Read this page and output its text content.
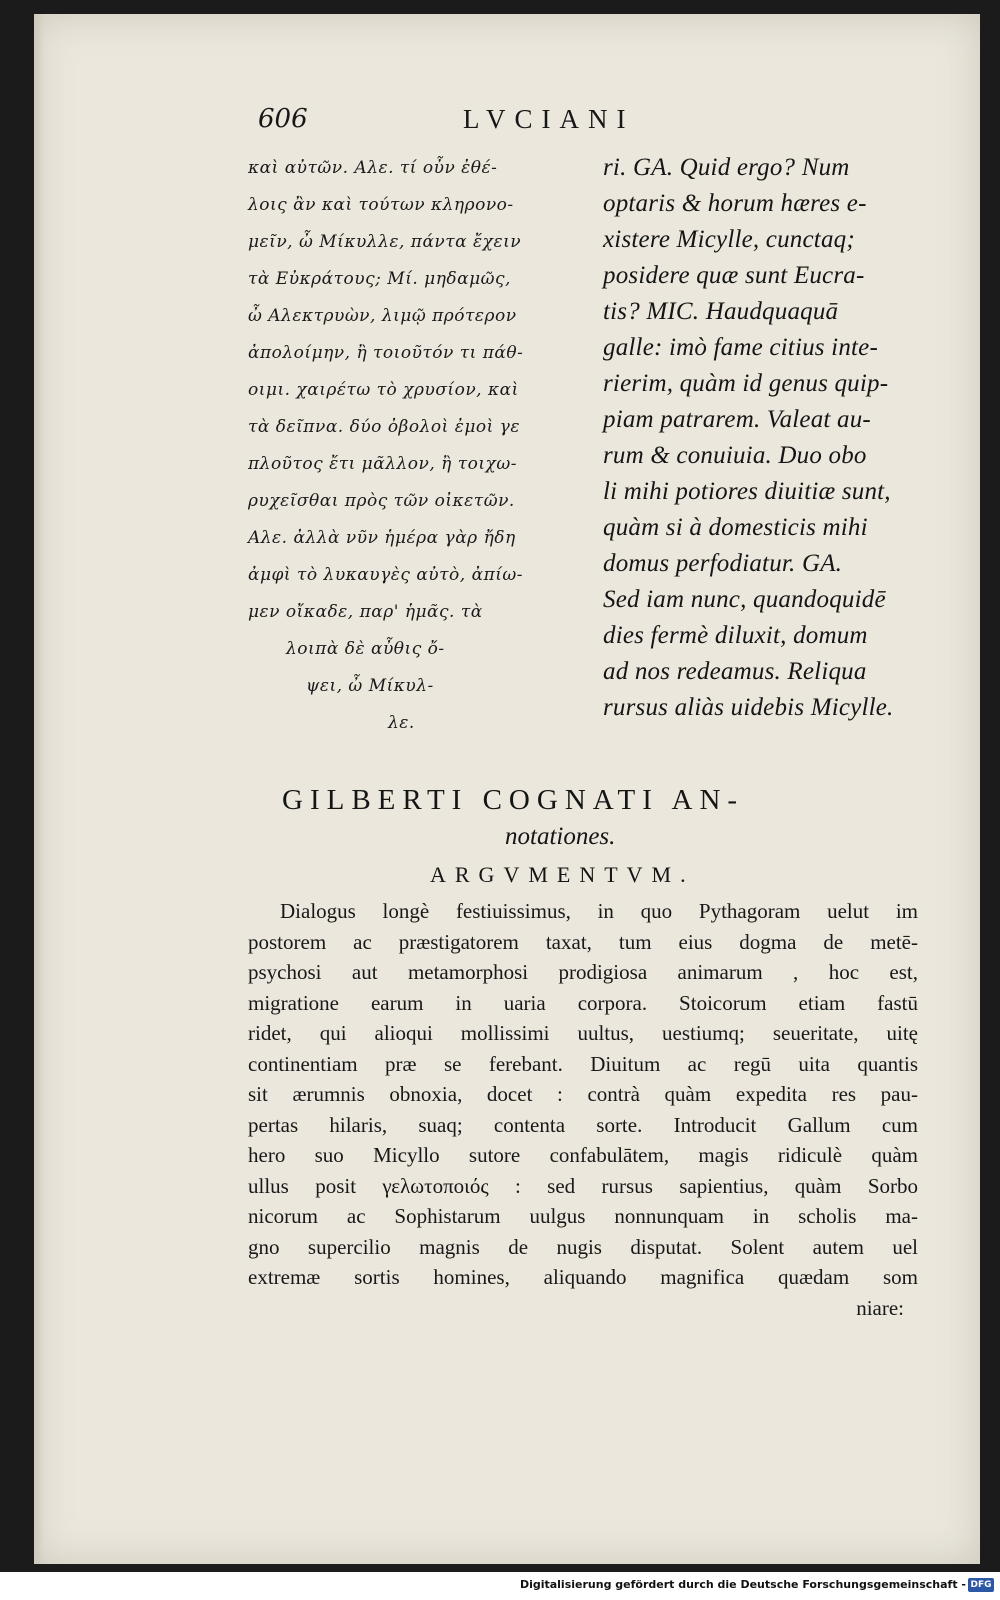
606	LVCIANI
καὶ αὐτῶν. Αλε. τί οὖν ἐθέ-
λοις ἂν καὶ τούτων κληρονο-
μεῖν, ὦ Μίκυλλε, πάντα ἔχειν
τὰ Εὐκράτους; Μί. μηδαμῶς,
ὦ Αλεκτρυὼν, λιμῷ πρότερον
ἀπολοίμην, ἢ τοιοῦτόν τι πάθ-
οιμι. χαιρέτω τὸ χρυσίον, καὶ
τὰ δεῖπνα. δύο ὀβολοὶ ἐμοὶ γε
πλοῦτος ἔτι μᾶλλον, ἢ τοιχω-
ρυχεῖσθαι πρὸς τῶν οἰκετῶν.
Αλε. ἀλλὰ νῦν ἡμέρα γὰρ ἤδη
ἀμφὶ τὸ λυκαυγὲς αὐτὸ, ἀπίω-
μεν οἴκαδε, παρ' ἡμᾶς. τὰ
λοιπὰ δὲ αὖθις ὄ-
ψει, ὦ Μίκυλ-
λε.
ri. GA. Quid ergo? Num
optaris & horum hæres e-
xistere Micylle, cunctaq;
posidere quæ sunt Eucra-
tis? MIC. Haudquaquā
galle: imò fame citius inte-
rierim, quàm id genus quip-
piam patrarem. Valeat au-
rum & conuiuia. Duo obo
li mihi potiores diuitiæ sunt,
quàm si à domesticis mihi
domus perfodiatur. GA.
Sed iam nunc, quandoquidē
dies fermè diluxit, domum
ad nos redeamus. Reliqua
rursus aliàs uidebis Micylle.
GILBERTI COGNATI AN-
notationes.
ARGVMENTVM.
Dialogus longè festiuissimus, in quo Pythagoram uelut im
postorem ac præstigatorem taxat, tum eius dogma de metē-
psychosi aut metamorphosi prodigiosa animarum , hoc est,
migratione earum in uaria corpora. Stoicorum etiam fastū
ridet, qui alioqui mollissimi uultus, uestiumq; seueritate, uitę
continentiam præ se ferebant. Diuitum ac regū uita quantis
sit ærumnis obnoxia, docet : contrà quàm expedita res pau-
pertas hilaris, suaq; contenta sorte. Introducit Gallum cum
hero suo Micyllo sutore confabulātem, magis ridiculè quàm
ullus posit γελωτοποιός : sed rursus sapientius, quàm Sorbo
nicorum ac Sophistarum uulgus nonnunquam in scholis ma-
gno supercilio magnis de nugis disputat. Solent autem uel
extremæ sortis homines, aliquando magnifica quædam som
niare:
Digitalisierung gefördert durch die Deutsche Forschungsgemeinschaft - DFG
